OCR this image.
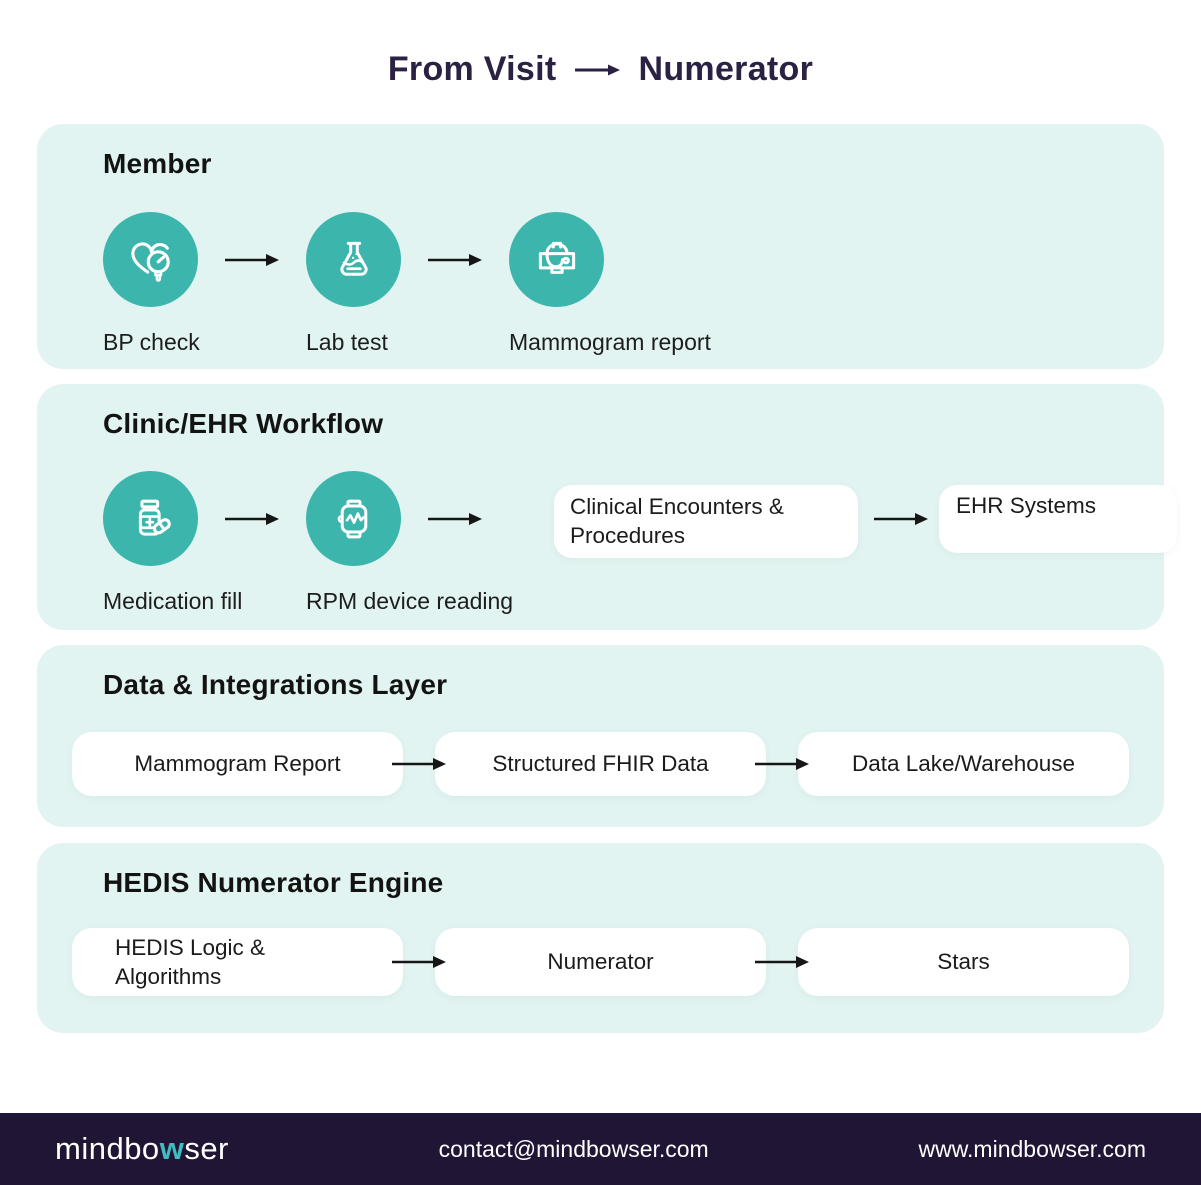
From Visit Numerator
Member
BP check	Lab test	Mammogram report
Clinic/EHR Workflow
Medication fill	RPM device reading
Clinical Encounters & Procedures
EHR Systems
Data & Integrations Layer
Mammogram Report	Structured FHIR Data	Data Lake/Warehouse
HEDIS Numerator Engine
HEDIS Logic & Algorithms
Numerator	Stars
mindbowser	contact@mindbowser.com	www.mindbowser.com
